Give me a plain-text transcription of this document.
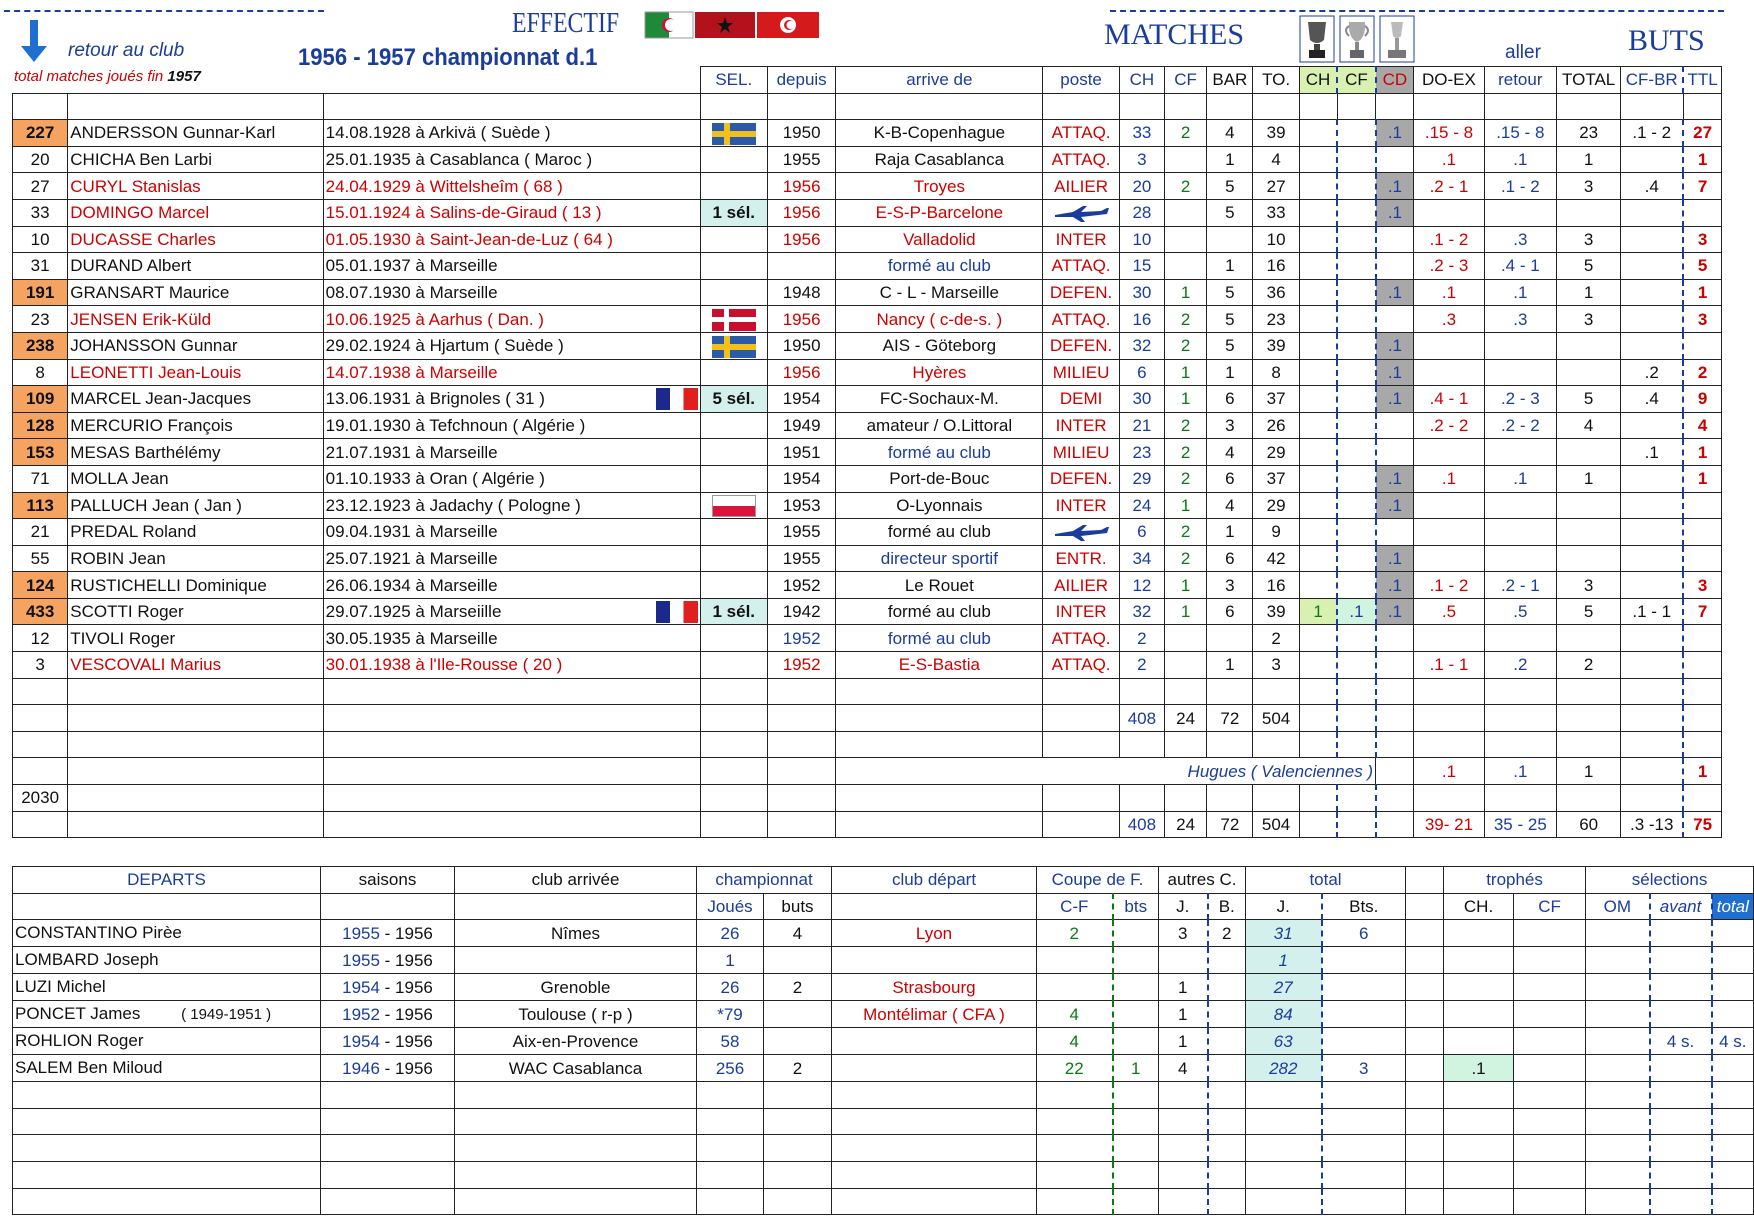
retour au club
total matches joués fin 1957
EFFECTIF
1956 - 1957 championnat d.1
MATCHES
aller	BUTS
			SEL.	depuis	arrive de	poste	CH	CF	BAR	TO.	CH	CF	CD	DO-EX	retour	TOTAL	CF-BR	TTL

227	ANDERSSON Gunnar-Karl	14.08.1928 à Arkivä ( Suède )		1950	K-B-Copenhague	ATTAQ.	33	2	4	39			.1	.15 - 8	.15 - 8	23	.1 - 2	27
20	CHICHA Ben Larbi	25.01.1935 à Casablanca ( Maroc )		1955	Raja Casablanca	ATTAQ.	3		1	4				.1	.1	1		1
27	CURYL Stanislas	24.04.1929 à Wittelsheîm ( 68 )		1956	Troyes	AILIER	20	2	5	27			.1	.2 - 1	.1 - 2	3	.4	7
33	DOMINGO Marcel	15.01.1924 à Salins-de-Giraud ( 13 )	1 sél.	1956	E-S-P-Barcelone		28		5	33			.1					
10	DUCASSE Charles	01.05.1930 à Saint-Jean-de-Luz ( 64 )		1956	Valladolid	INTER	10			10				.1 - 2	.3	3		3
31	DURAND Albert	05.01.1937 à Marseille			formé au club	ATTAQ.	15		1	16				.2 - 3	.4 - 1	5		5
191	GRANSART Maurice	08.07.1930 à Marseille		1948	C - L - Marseille	DEFEN.	30	1	5	36			.1	.1	.1	1		1
23	JENSEN Erik-Küld	10.06.1925 à Aarhus ( Dan. )		1956	Nancy ( c-de-s. )	ATTAQ.	16	2	5	23				.3	.3	3		3
238	JOHANSSON Gunnar	29.02.1924 à Hjartum ( Suède )		1950	AIS - Göteborg	DEFEN.	32	2	5	39			.1					
8	LEONETTI Jean-Louis	14.07.1938 à Marseille		1956	Hyères	MILIEU	6	1	1	8			.1				.2	2
109	MARCEL Jean-Jacques	13.06.1931 à Brignoles ( 31 )	5 sél.	1954	FC-Sochaux-M.	DEMI	30	1	6	37			.1	.4 - 1	.2 - 3	5	.4	9
128	MERCURIO François	19.01.1930 à Tefchnoun ( Algérie )		1949	amateur / O.Littoral	INTER	21	2	3	26				.2 - 2	.2 - 2	4		4
153	MESAS Barthélémy	21.07.1931 à Marseille		1951	formé au club	MILIEU	23	2	4	29							.1	1
71	MOLLA Jean	01.10.1933 à Oran ( Algérie )		1954	Port-de-Bouc	DEFEN.	29	2	6	37			.1	.1	.1	1		1
113	PALLUCH Jean ( Jan )	23.12.1923 à Jadachy ( Pologne )		1953	O-Lyonnais	INTER	24	1	4	29			.1					
21	PREDAL Roland	09.04.1931 à Marseille		1955	formé au club		6	2	1	9								
55	ROBIN Jean	25.07.1921 à Marseille		1955	directeur sportif	ENTR.	34	2	6	42			.1					
124	RUSTICHELLI Dominique	26.06.1934 à Marseille		1952	Le Rouet	AILIER	12	1	3	16			.1	.1 - 2	.2 - 1	3		3
433	SCOTTI Roger	29.07.1925 à Marseiille	1 sél.	1942	formé au club	INTER	32	1	6	39	1	.1	.1	.5	.5	5	.1 - 1	7
12	TIVOLI Roger	30.05.1935 à Marseille		1952	formé au club	ATTAQ.	2			2								
3	VESCOVALI Marius	30.01.1938 à l'Ile-Rousse ( 20 )		1952	E-S-Bastia	ATTAQ.	2		1	3				.1 - 1	.2	2		

							408	24	72	504								

					Hugues ( Valenciennes )									.1	.1	1		1
2030																		
							408	24	72	504				39- 21	35 - 25	60	.3 -13	75
DEPARTS	saisons	club arrivée	championnat		club départ	Coupe de F.		autres C.		total			trophés		sélections		
			Joués	buts		C-F	bts	J.	B.	J.	Bts.		CH.	CF	OM	avant	total
CONSTANTINO Pirèe	1955 - 1956	Nîmes	26	4	Lyon	2		3	2	31	6						
LOMBARD Joseph	1955 - 1956		1							1							
LUZI Michel	1954 - 1956	Grenoble	26	2	Strasbourg			1		27							
PONCET James ( 1949-1951 )	1952 - 1956	Toulouse ( r-p )	*79		Montélimar ( CFA )	4		1		84							
ROHLION Roger	1954 - 1956	Aix-en-Provence	58			4		1		63						4 s.	4 s.
SALEM Ben Miloud	1946 - 1956	WAC Casablanca	256	2		22	1	4		282	3		.1				
